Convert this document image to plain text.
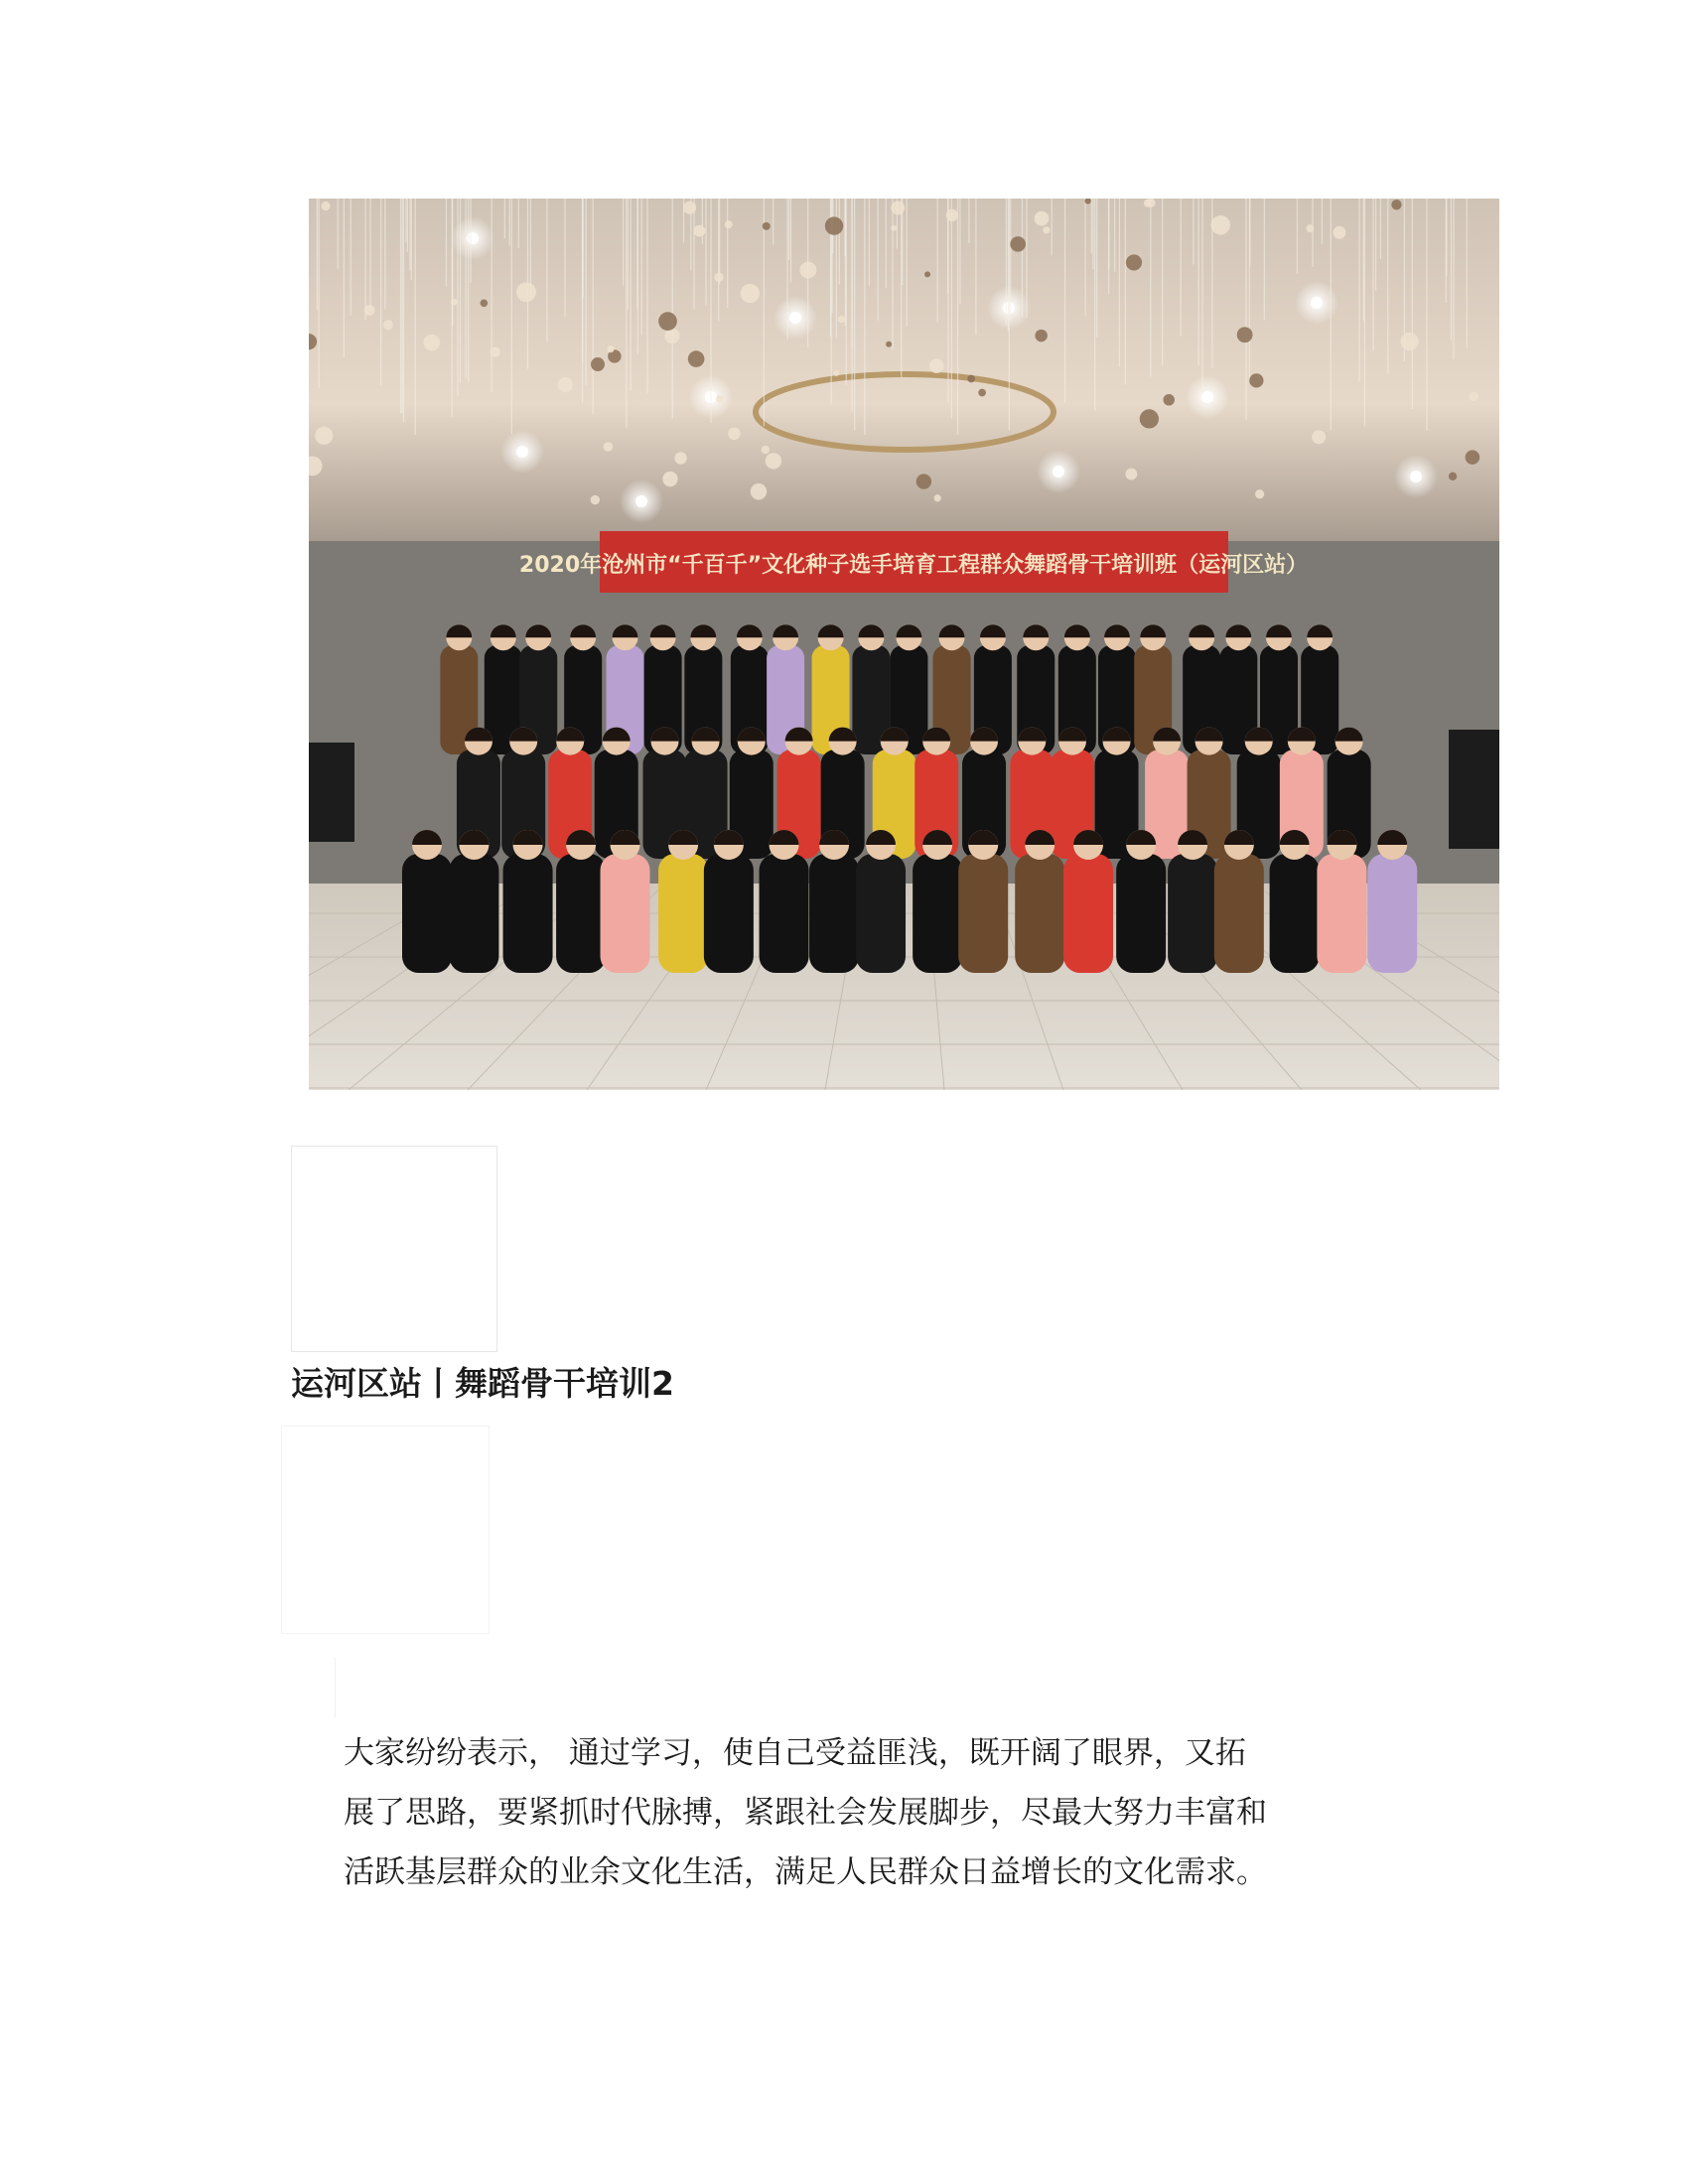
2020年沧州市“千百千”文化种子选手培育工程群众舞蹈骨干培训班（运河区站）
运河区站丨舞蹈骨干培训2

大家纷纷表示， 通过学习，使自己受益匪浅，既开阔了眼界，又拓

展了思路，要紧抓时代脉搏，紧跟社会发展脚步，尽最大努力丰富和

活跃基层群众的业余文化生活，满足人民群众日益增长的文化需求。
